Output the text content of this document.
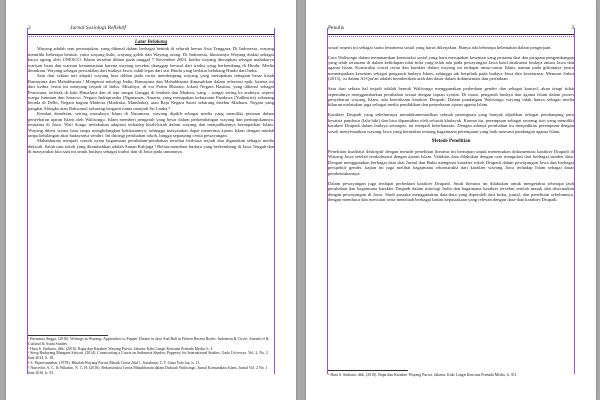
2	Jurnal Sosiologi Reflektif
Latar Belakang

Wayang adalah seni pertunjukan, yang dikenal dalam berbagai bentuk di seluruh benua Asia Tenggara. Di Indonesia, wayang memiliki beberapa bentuk, yaitu wayang kulit, wayang golek dan Wayang orang. Di Indonesia, khususnya Wayang diakui sebagai karya agung oleh UNESCO. Klaim tersebut dibuat pada tanggal 7 November 2003, ketika wayang ditetapkan sebagai mahakarya warisan lisan dan warisan kemanusiaan karena wayang tersebut dianggap berasal dari tradisi yang berkembang di Hindu. Media demikian, Wayang sebagai perwakilan dari budaya Jawa, tidak lepas dari sisi Hindu yang berlatar belakang Hindu dari India.

Satu dari sekian inti adaptif wayang bisa dilihat pada cerita mendongeng wayang yang merupakan sebagian besar kisah Ramayana dan Mahabharata.¹ Mengenai mitologi India, Ramayana dan Mahabharata dimasukkan dalam referensi epik, karena ini dari kedua cerita ini menyang terjadi di India. Misalnya, di era Prabu Bharata, lokasi Negara Hastina, yang dikenal sebagai Pratistana, terletak di kaki Himalaya dan di tepi sungai Gangga di lembah dan Madura, yang – sungai sering ke arahnya, seperti warga Jumnam dan Saraswi, Negara Indraprastha (Nganamas, Amarta, yang merupakan kekuasaan Pandawa (Yudhistira) sekarang berada di Delhi, Negara bagian Madeira (Madraka, Mandraka), atau Raja Negara Sauvi sekarang disebut Mathura. Negara yang pangkat Alengka atau Rahwana) sekarang berganti nama menjadi Sri Lanka.²

Kendati demikian, seiring masuknya Islam di Nusantara, wayang dipilih sebagai media yang memiliki peranan dalam penyebaran ajaran Islam oleh Walisongo. Islam memberi pengaruh yang besar dalam perkembangan wayang dan pertunjukannya, terutama di Jawa. Wali Songo melakukan adaptasi terhadap kisah-kisah dalam wayang dan menjadikannya bernapaskan Islam. Wayang diberi warna baru tanpa menghilangkan kekhasannya, sehingga masyarakat dapat menerima ajaran Islam dengan mudah tanpa kehilangan akar budayanya sendiri. Ini diiringi perubahan tokoh, hingga sepanjang cerita pewayangan.

Mahabharata menjadi contoh nyata bagaimana perubahan-perubahan tersebut berbiasa terjadi dan digunakan sebagai media dakwah. Salah satu tokoh yang ditambahkan adalah Sunan Kalijaga.³ Beliau membuat budaya yang berkembang di Jawa Tengah dan di masyarakat kita saat ini untuk budaya sebagai tradisi dan di Jawa pada umumnya.

¹ Bermasia Angga, (2016). Writings in Wayang: Approaches to Puppet Theatre in Java And Bali in Fifteen Recent Books. Indonesia & Circle, Journal of & Cultural & Asian Studies.
² Hara S. Sudiarto, dkk. (2010). Rupa dan Karakter Wayang Purwa. Jakarta: Kaki Langit Kencana Prenada Media, h. 3.
³ Siesp Budayang Mangaus Siswati, (2014). Constructing a Courts on Indonesia Shadow Puppetry for International Studies, Gadz Un'versys. Vol. 2, No. 2 Juni 2014, h. 18.
⁴ S. Pajaresumabar, (1978). Hikalah Wayang Purwa Masuk Cerita Jilid 1. Surakarta: C.V. Gana Yala Jaa, h. 11.
⁵ Nurcivha, A. C. & Wikamo, N. C. H. (2016). Rekonstruksi Cerita Mahabharata dalam Dakwah Walisongo. Jurnal Komunikasi Islam, Jurnal Vol. 2 No. 1 Juni 2016, h. 53.
Penulis	3

sosial seperti ini sebagai suatu fenomena sosial yang harus dikerjakan. Hanya ada beberapa kelemahan dalam pengerjaan.

Cara Walisongo dalam menanamkan konstruksi sosial yang baru merupakan kesenian yang pertama dari dua program pengembangan yang telah tertanam di dalam kehidupan nilai-nilai yang telah ada pada pewayangan Jawa hasil akulturasi budaya antara Jawa dan agama Islam. Konstruksi sosial cerita dan karakter dalam wayang ini terdapat unsur-unsur Islam, namun pada gilirannya justru menempatkan kesenian sebagai pengaruh budaya Islam, sehingga tak berpihak pada budaya Jawa dan kesetaraan. Menurut Suhra (2013), isi dalam Al-Qur'an adalah memberikan arah dan dasar dalam dokumentasi dan perindaan.

Satu dari sekian hal terjadi adalah bentuk Walisongo menggunakan perbedaan gender dan sebagai kontrol, akan tetapi tidak sepenuhnya menggambarkan perubahan sesuai dengan tujuan syariat. Di masa, pengaruh budaya dan agama Islam dalam proses penyebaran wayang Islam, ada keterikatan karakter Drupadi. Dalam pandangan Walisongo wayang tidak hanya sebagai media hiburan melainkan juga sebagai media pendidikan dan penyebaran ajaran agama Islam.

Karakter Drupadi yang sebelumnya mendokumentasikan sebuah perempuan yang banyak dijadikan sebagai pendamping para kesatria pandawa (lalu-laki) dan bisa dipanutkan oleh seluruh khalayak. Karena itu, perempuan sebagai seorang istri yang memiliki karakter Drupadi dalam budaya setempat, ini menjadi keterbatasan. Dengan adanya perubahan itu menjadikan perempuan dengan sosok menyesuaikan wayang Jawa yang bermakna tentang bagaimana perempuan yang baik menurut pandangan agama Islam.

Metode Penelitian

Penelitian kualitatif deskriptif dengan metode penelitian literatur ini bertujuan untuk menemukan dokumentasi karakter Drupadi di Wayang Jawa setelah terakulturasi dengan ajaran Islam. Validitas data dilakukan dengan cara triangulasi dari berbagai sumber data. Dengan menggunakan berbagai data dari Jurnal dan Buku mengenai karakter tokoh Drupadi dalam pewayangan Jawa dan berbagai perspektif gender, kajian ini juga melihat bagaimana rekonstruksi dari karakter wayang Jawa terhadap Islam sebagai dasar pembentukannya.

Dalam pewayangan juga terdapat perbedaan karakter Drupadi. Studi literatur ini dilakukan untuk mengetahui seberapa jauh perubahan dan bagaimana karakter Drupadi dalam mitologi India dan bagaimana karakter tersebut setelah masuk dan disesuaikan dengan pewayangan di Jawa. Studi pustaka menggunakan data-data yang diperoleh dari buku, jurnal, dan penelitian sebelumnya, dengan membaca dan mencatat serta menelaah berbagai bahan kepustakaan yang relevan dengan data-data karakter Drupadi.

⁶ Hara S. Sudiarto, dkk. (2010). Rupa dan Karakter Wayang Purwa, Jakarta: Kaki Langit Kencana Prenada Media, h. 351.
